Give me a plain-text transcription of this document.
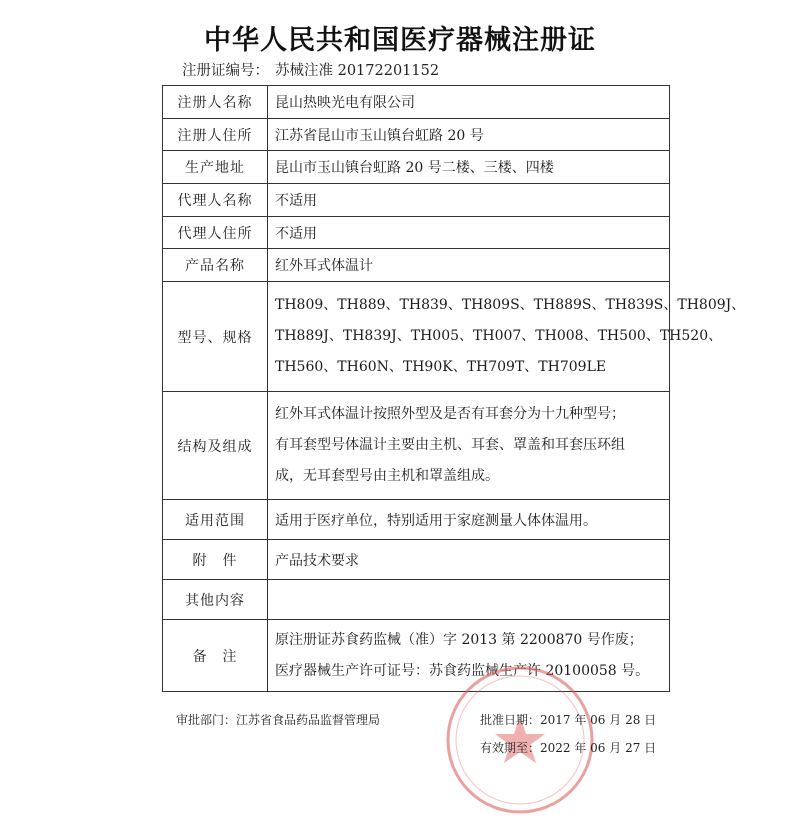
中华人民共和国医疗器械注册证
注册证编号： 苏械注准 20172201152
注册人名称	昆山热映光电有限公司
注册人住所	江苏省昆山市玉山镇台虹路 20 号
生产地址	昆山市玉山镇台虹路 20 号二楼、三楼、四楼
代理人名称	不适用
代理人住所	不适用
产品名称	红外耳式体温计
型号、规格	TH809、TH889、TH839、TH809S、TH889S、TH839S、TH809J、
TH889J、TH839J、TH005、TH007、TH008、TH500、TH520、
TH560、TH60N、TH90K、TH709T、TH709LE

结构及组成	红外耳式体温计按照外型及是否有耳套分为十九种型号；
有耳套型号体温计主要由主机、耳套、罩盖和耳套压环组
成，无耳套型号由主机和罩盖组成。

适用范围	适用于医疗单位，特别适用于家庭测量人体体温用。
附　件	产品技术要求
其他内容	
备　注	原注册证苏食药监械（准）字 2013 第 2200870 号作废；
医疗器械生产许可证号：苏食药监械生产许 20100058 号。
审批部门：江苏省食品药品监督管理局	批准日期：2017 年 06 月 28 日
有效期至：2022 年 06 月 27 日
